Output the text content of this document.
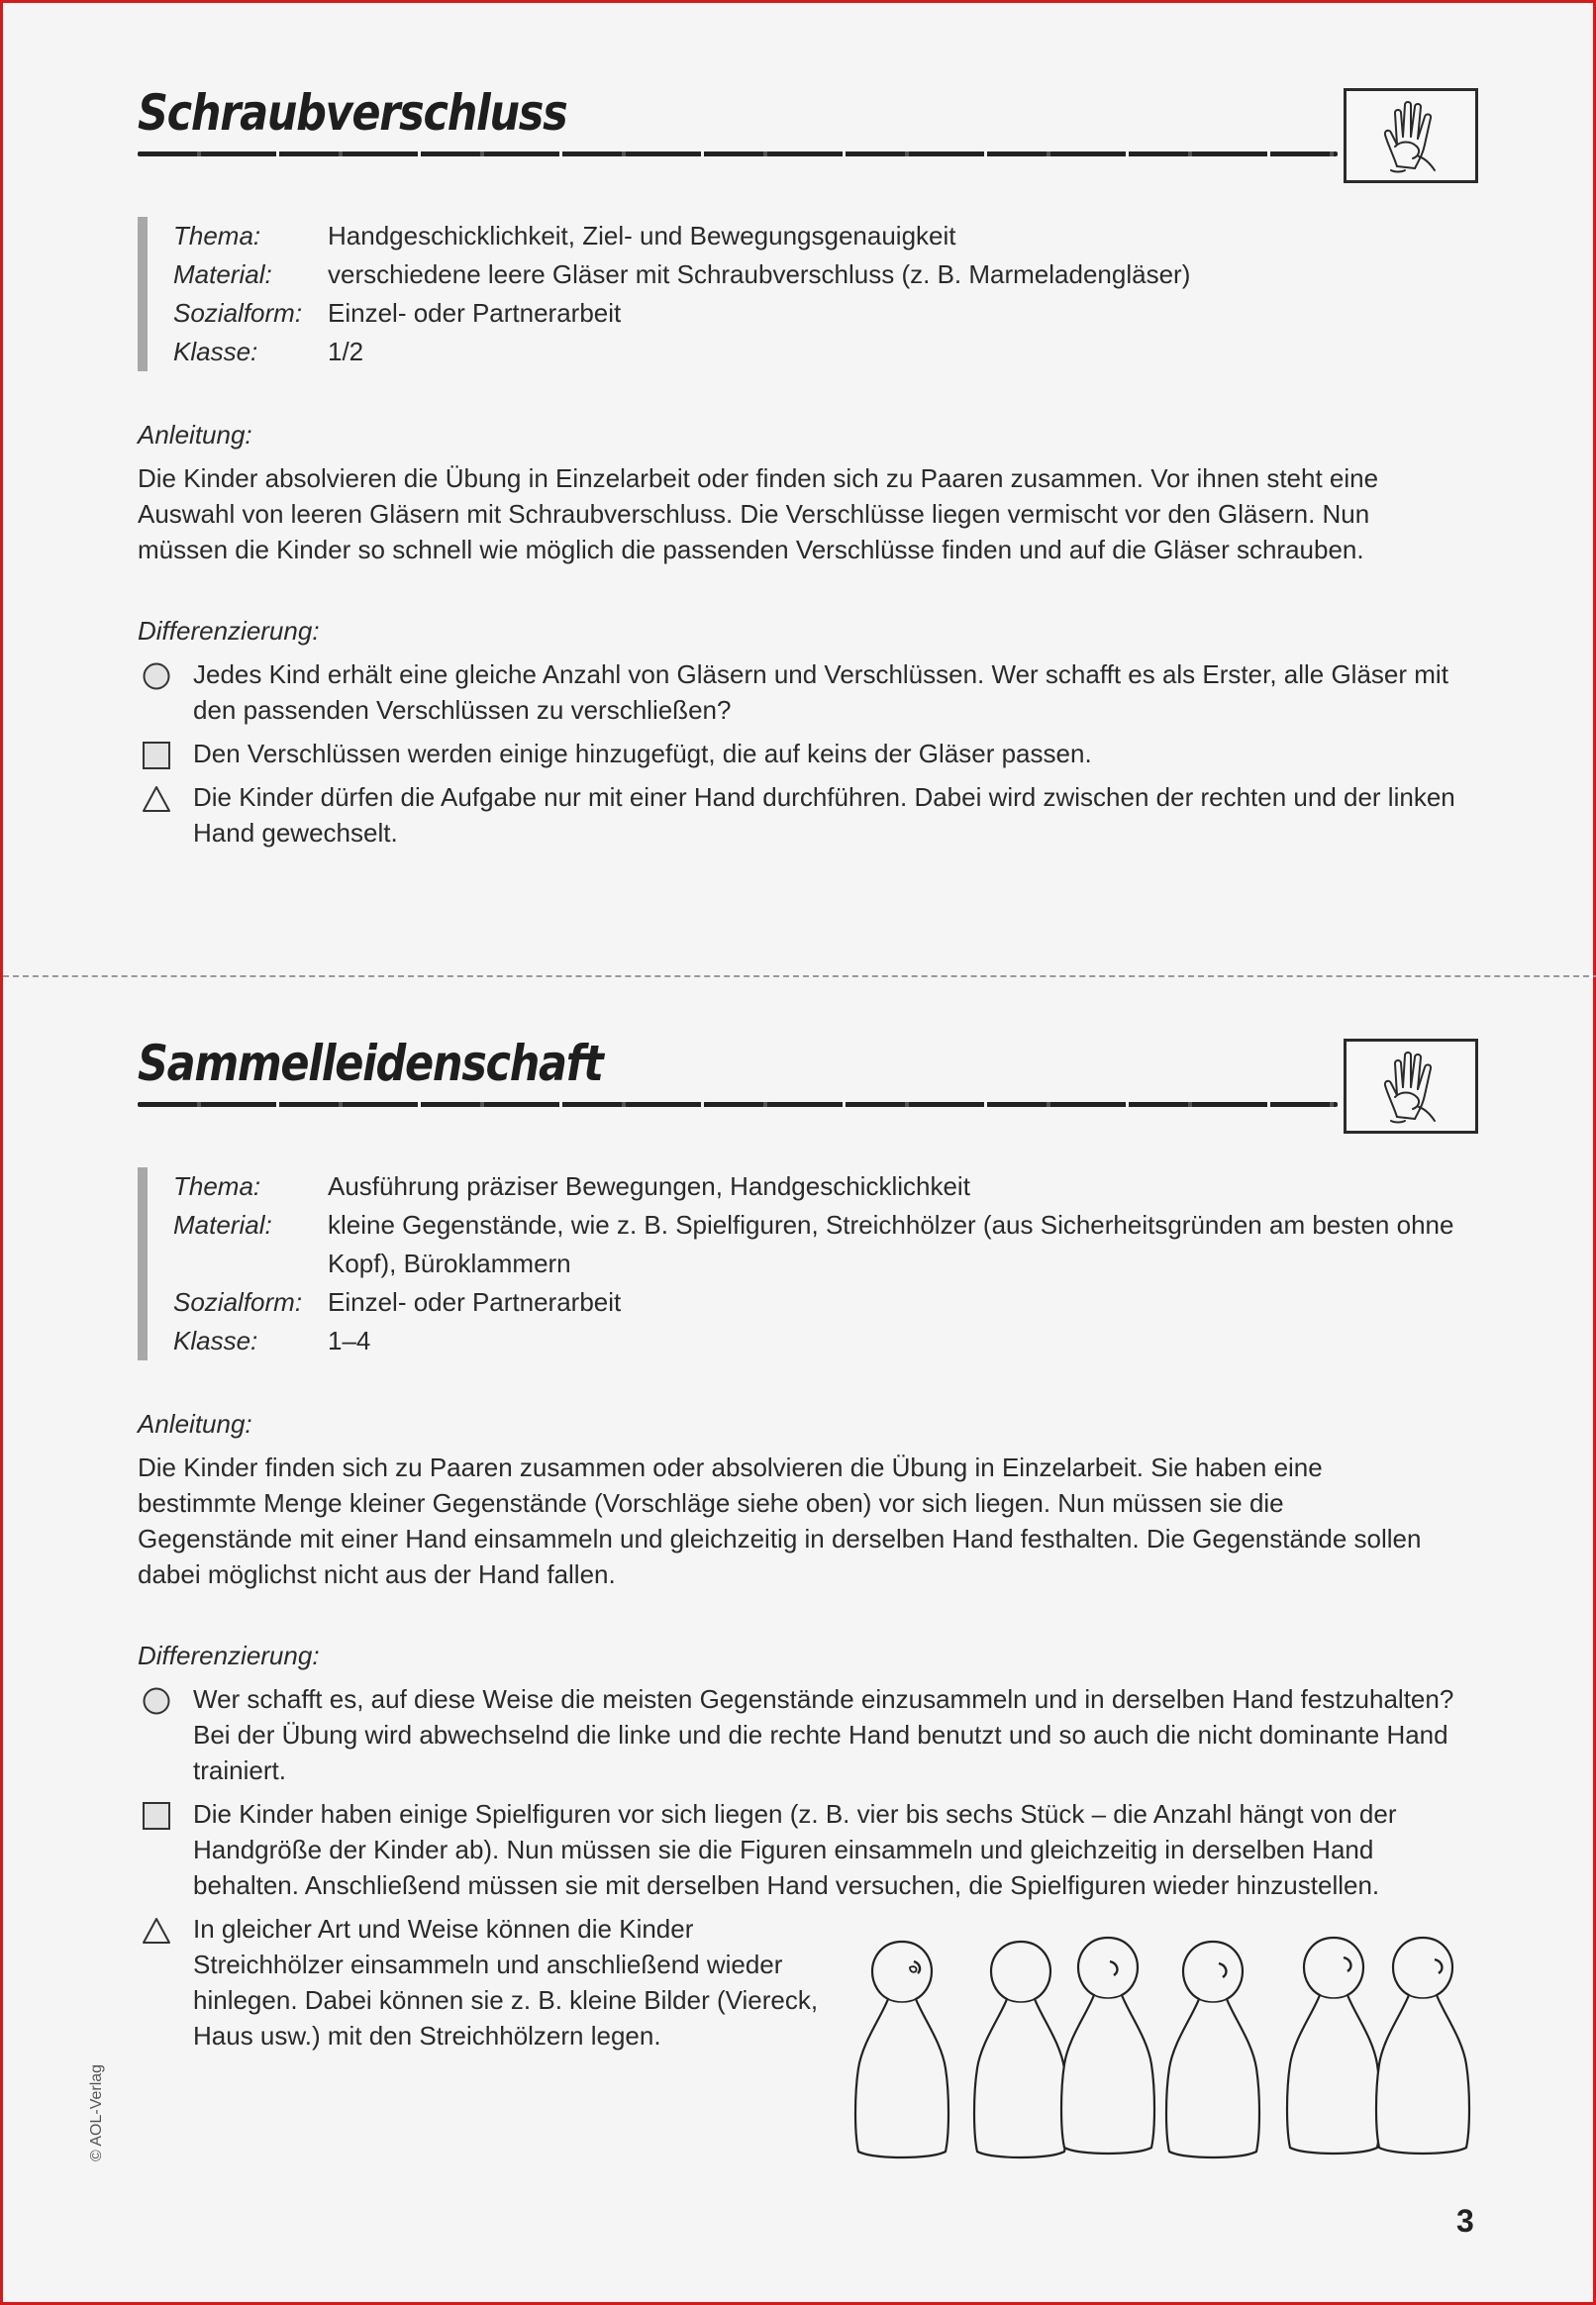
Schraubverschluss
Thema:	Handgeschicklichkeit, Ziel- und Bewegungsgenauigkeit
Material:	verschiedene leere Gläser mit Schraubverschluss (z. B. Marmeladengläser)
Sozialform: Einzel- oder Partnerarbeit
Klasse:	1/2
Anleitung:
Die Kinder absolvieren die Übung in Einzelarbeit oder finden sich zu Paaren zusammen. Vor ihnen steht eine Auswahl von leeren Gläsern mit Schraubverschluss. Die Verschlüsse liegen vermischt vor den Gläsern. Nun müssen die Kinder so schnell wie möglich die passenden Verschlüsse finden und auf die Gläser schrauben.
Differenzierung:
Jedes Kind erhält eine gleiche Anzahl von Gläsern und Verschlüssen. Wer schafft es als Erster, alle Gläser mit den passenden Verschlüssen zu verschließen?
Den Verschlüssen werden einige hinzugefügt, die auf keins der Gläser passen.
Die Kinder dürfen die Aufgabe nur mit einer Hand durchführen. Dabei wird zwischen der rechten und der linken Hand gewechselt.
Sammelleidenschaft
Thema:	Ausführung präziser Bewegungen, Handgeschicklichkeit
Material:	kleine Gegenstände, wie z. B. Spielfiguren, Streichhölzer (aus Sicherheitsgründen am besten ohne Kopf), Büroklammern
Sozialform: Einzel- oder Partnerarbeit
Klasse:	1–4
Anleitung:
Die Kinder finden sich zu Paaren zusammen oder absolvieren die Übung in Einzelarbeit. Sie haben eine bestimmte Menge kleiner Gegenstände (Vorschläge siehe oben) vor sich liegen. Nun müssen sie die Gegenstände mit einer Hand einsammeln und gleichzeitig in derselben Hand festhalten. Die Gegenstände sollen dabei möglichst nicht aus der Hand fallen.
Differenzierung:
Wer schafft es, auf diese Weise die meisten Gegenstände einzusammeln und in derselben Hand festzuhalten? Bei der Übung wird abwechselnd die linke und die rechte Hand benutzt und so auch die nicht dominante Hand trainiert.
Die Kinder haben einige Spielfiguren vor sich liegen (z. B. vier bis sechs Stück – die Anzahl hängt von der Handgröße der Kinder ab). Nun müssen sie die Figuren einsammeln und gleichzeitig in derselben Hand behalten. Anschließend müssen sie mit derselben Hand versuchen, die Spielfiguren wieder hinzustellen.
In gleicher Art und Weise können die Kinder Streichhölzer einsammeln und anschließend wieder hinlegen. Dabei können sie z. B. kleine Bilder (Viereck, Haus usw.) mit den Streichhölzern legen.
© AOL-Verlag
3
